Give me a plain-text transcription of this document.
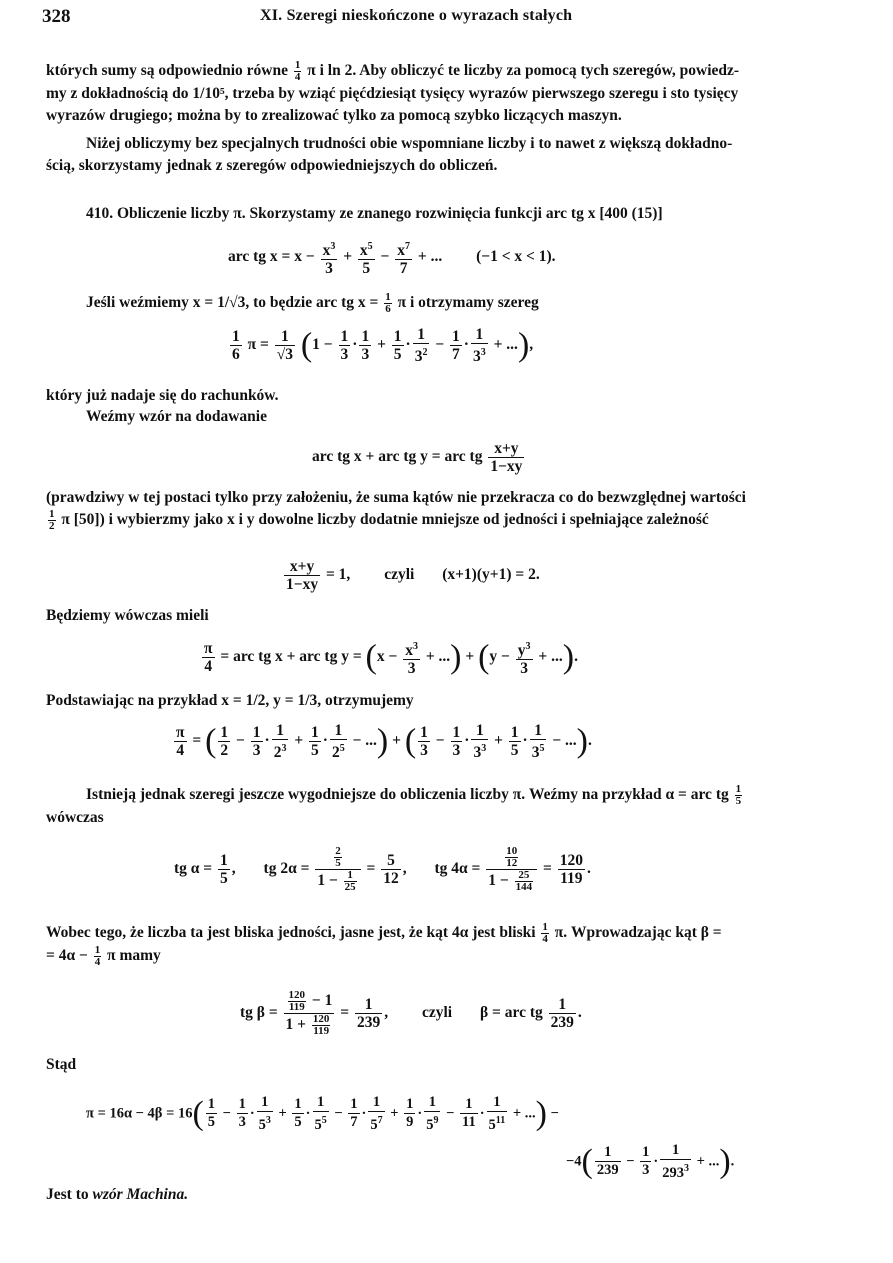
328	XI. Szeregi nieskończone o wyrazach stałych
których sumy są odpowiednio równe $\frac{1}{4}$ π i ln 2. Aby obliczyć te liczby za pomocą tych szeregów, powiedz-
my z dokładnością do 1/10⁵, trzeba by wziąć pięćdziesiąt tysięcy wyrazów pierwszego szeregu i sto tysięcy
wyrazów drugiego; można by to zrealizować tylko za pomocą szybko liczących maszyn.
Niżej obliczymy bez specjalnych trudności obie wspomniane liczby i to nawet z większą dokładno-
ścią, skorzystamy jednak z szeregów odpowiedniejszych do obliczeń.
410. Obliczenie liczby π. Skorzystamy ze znanego rozwinięcia funkcji arc tg x [400 (15)]
arc tg $x = x - \frac{x^3}{3} + \frac{x^5}{5} - \frac{x^7}{7}$ + ... (−1 < x < 1).
Jeśli weźmiemy x = 1/√3, to będzie arc tg $x = \frac{1}{6}$ π i otrzymamy szereg
$\frac{1}{6}$ $\pi = \frac{1}{√3} (1 - \frac{1}{3} \cdot \frac{1}{3} + \frac{1}{5} \cdot \frac{1}{3^2} - \frac{1}{7} \cdot \frac{1}{3^3}$ + ...),
który już nadaje się do rachunków.
Weźmy wzór na dodawanie
arc tg x + arc tg y = arc tg $\frac{x+y}{1-xy}$
(prawdziwy w tej postaci tylko przy założeniu, że suma kątów nie przekracza co do bezwzględnej wartości

$\frac{1}{2}$ π [50]) i wybierzmy jako x i y dowolne liczby dodatnie mniejsze od jedności i spełniające zależność
$\frac{x+y}{1-xy} = 1$, czyli (x+1)(y+1) = 2.
Będziemy wówczas mieli
$\frac{\pi}{4}$ = arc tg x + arc tg $y = (x - \frac{x^3}{3}$ + ...) + ($y - \frac{y^3}{3}$ + ...).
Podstawiając na przykład x = 1/2, y = 1/3, otrzymujemy
$\frac{\pi}{4}$ = ( $\frac{1}{2} - \frac{1}{3} \cdot \frac{1}{2^3} + \frac{1}{5} \cdot \frac{1}{2^5}$ − ...) + ( $\frac{1}{3} - \frac{1}{3} \cdot \frac{1}{3^3} + \frac{1}{5} \cdot \frac{1}{3^5}$ − ...).
Istnieją jednak szeregi jeszcze wygodniejsze do obliczenia liczby π. Weźmy na przykład α = arc tg $\frac{1}{5}$

wówczas
tg $\alpha = \frac{1}{5}$ , tg $2\alpha = \frac{\frac{2}{5}}{1 - \frac{1}{25}} = \frac{5}{12}$ , tg $4\alpha = \frac{\frac{10}{12}}{1 - \frac{25}{144}} = \frac{120}{119}$ .
Wobec tego, że liczba ta jest bliska jedności, jasne jest, że kąt 4α jest bliski $\frac{1}{4} \pi$. Wprowadzając kąt β =
= $4\alpha - \frac{1}{4}$ π mamy
tg $\beta = \frac{\frac{120}{119} - 1}{1 + \frac{120}{119}} = \frac{1}{239}$ , czyli β = arc tg $\frac{1}{239}$ .
Stąd
$\pi = 16\alpha - 4\beta = 16( \frac{1}{5} - \frac{1}{3} \cdot \frac{1}{5^3} + \frac{1}{5} \cdot \frac{1}{5^5} - \frac{1}{7} \cdot \frac{1}{5^7} + \frac{1}{9} \cdot \frac{1}{5^9} - \frac{1}{11} \cdot \frac{1}{5^{11}}$ + ...) −
$-4( \frac{1}{239} - \frac{1}{3} \cdot \frac{1}{293^3}$ + ...).
Jest to wzór Machina.
